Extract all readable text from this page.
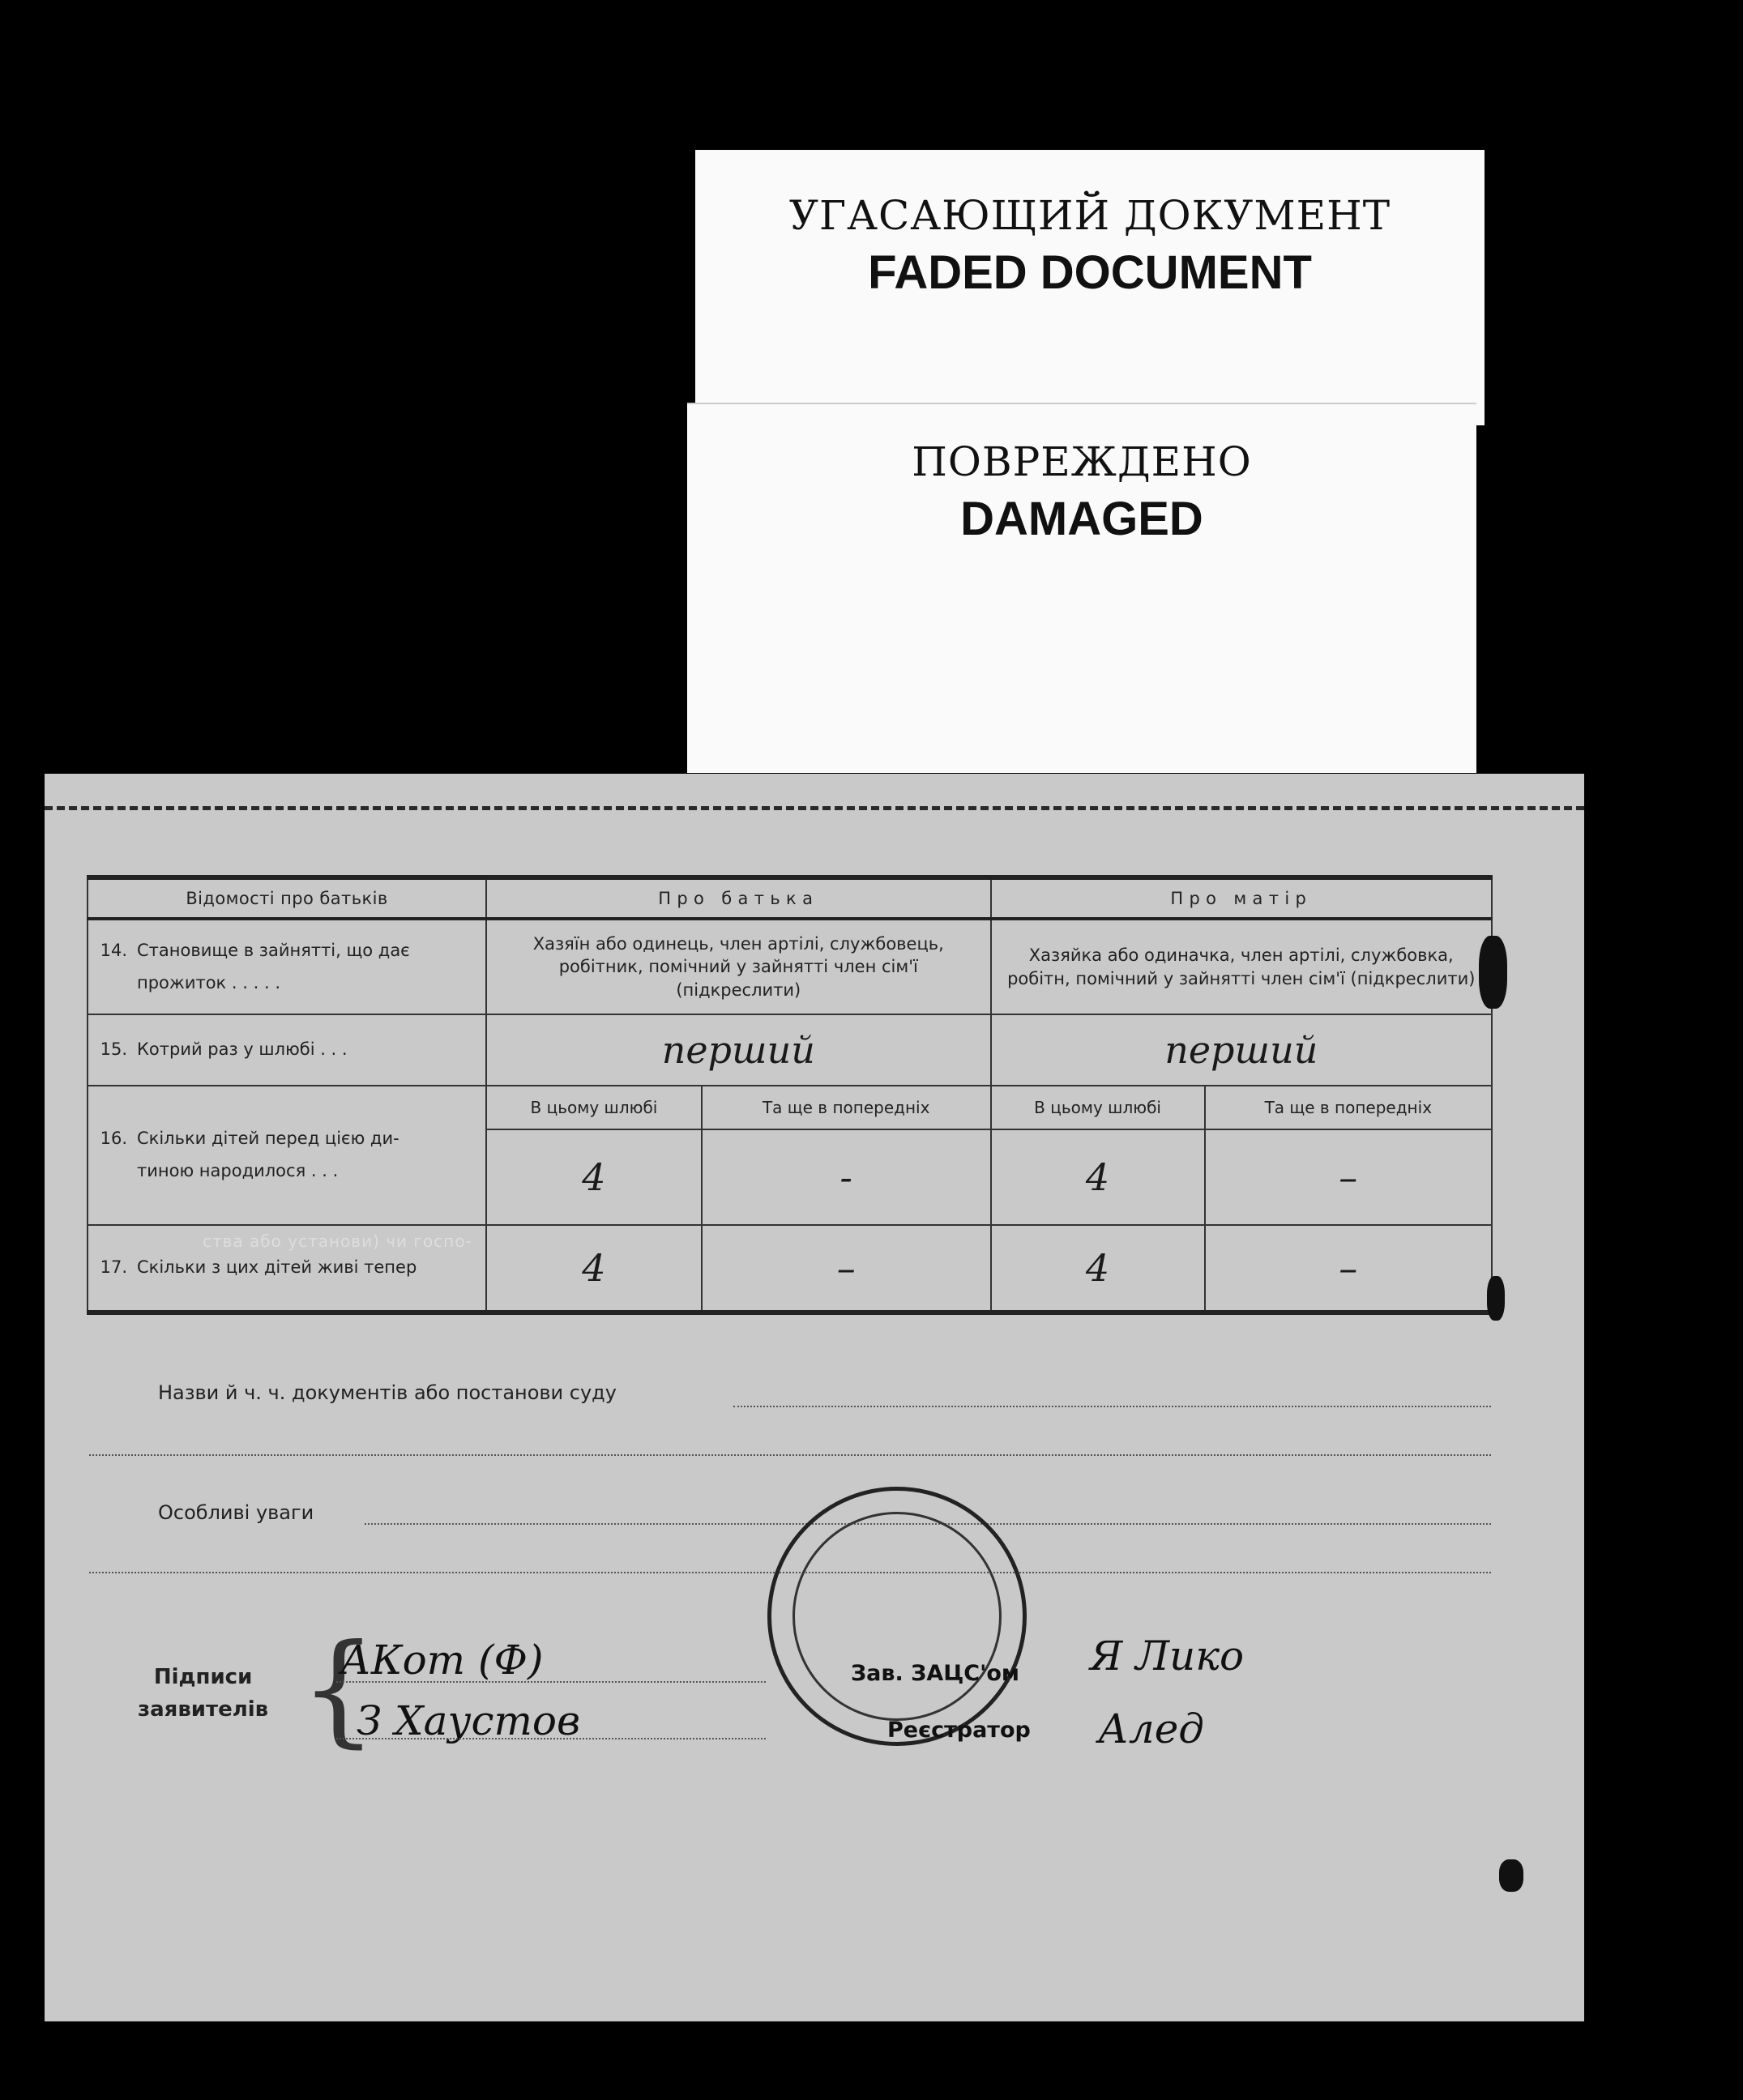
УГАСАЮЩИЙ ДОКУМЕНТ
FADED DOCUMENT
ПОВРЕЖДЕНО
DAMAGED
Відомості про батьків	Про батька		Про матір	
14. Становище в зайнятті, що дає
прожиток . . . . .	Хазяїн або одинець, член артілі, службовець, робітник, помічний у зайнятті член сім'ї (підкреслити)		Хазяйка або одиначка, член артілі, службовка, робітн, помічний у зайнятті член сім'ї (підкреслити)	
15. Котрий раз у шлюбі . . .	перший		перший	
16. Скільки дітей перед цією ди-
тиною народилося . . .	В цьому шлюбі	Та ще в попередніх	В цьому шлюбі	Та ще в попередніх
	4	-	4	–
17. Скільки з цих дітей живі тепер	4	–	4	–
Назви й ч. ч. документів або постанови суду
Особливі уваги
Підписи
заявителів {
АКот (Ф)
З Хаустов
Зав. ЗАЦС'ом
Реєстратор
Я Лико
Алед
ства або установи) чи госпо-
